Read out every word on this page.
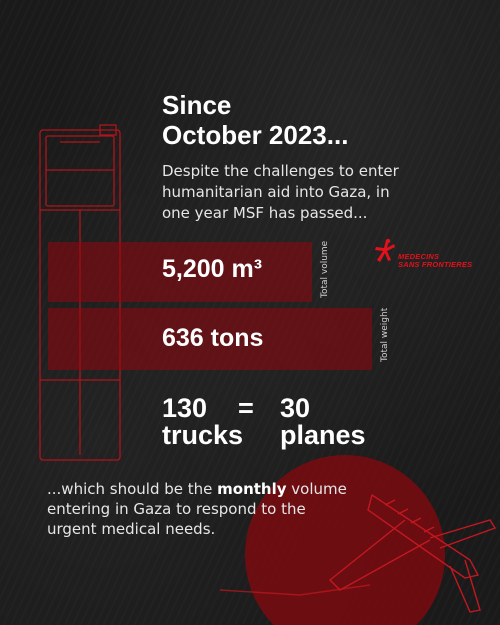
Since
October 2023...

Despite the challenges to enter humanitarian aid into Gaza, in one year MSF has passed...

5,200 m³	Total volume
636 tons	Total weight
MEDECINS
SANS FRONTIERES
130
trucks
= 30
planes

...which should be the monthly volume entering in Gaza to respond to the urgent medical needs.
